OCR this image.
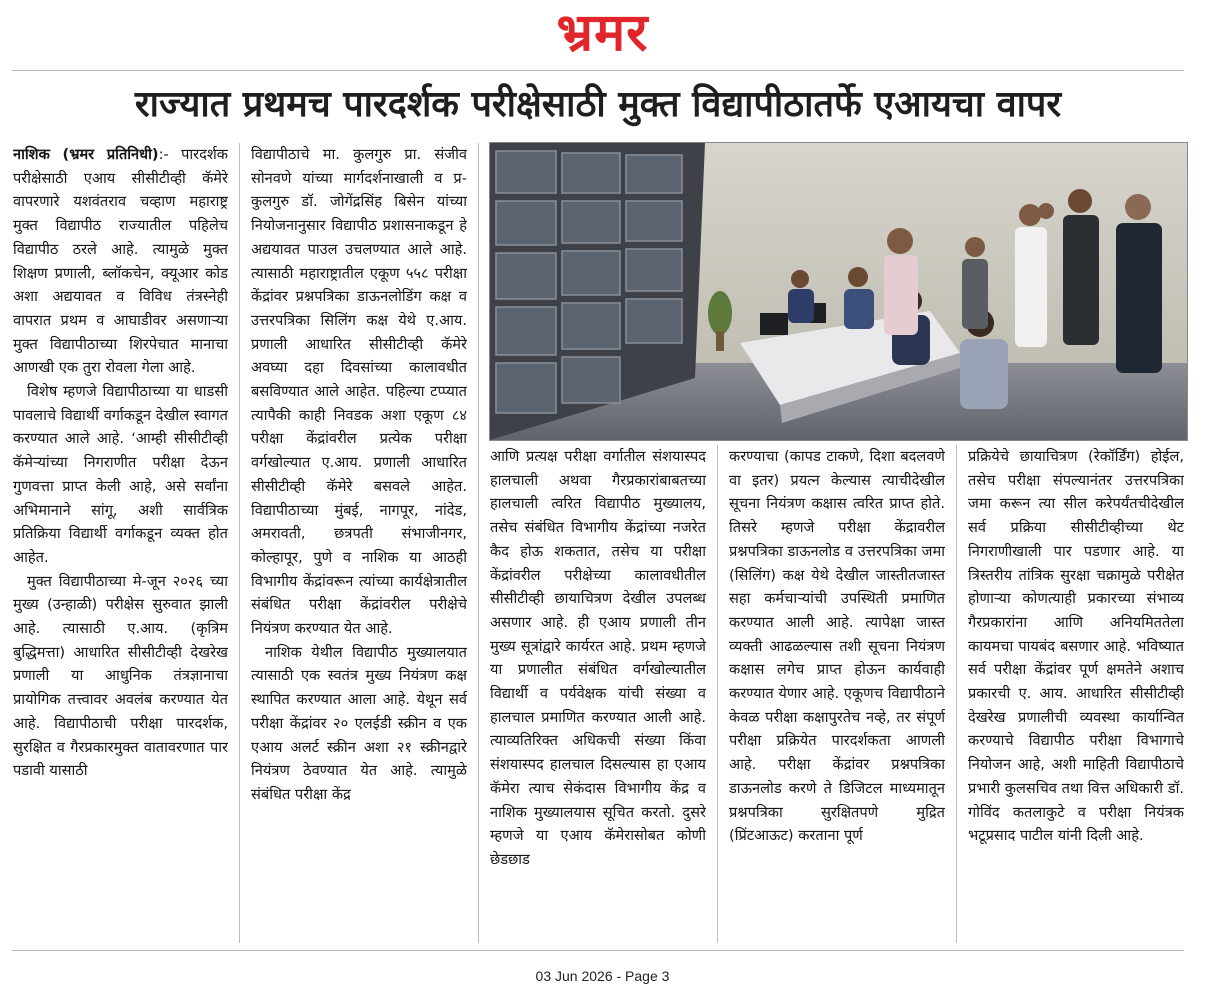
भ्रमर
राज्यात प्रथमच पारदर्शक परीक्षेसाठी मुक्त विद्यापीठातर्फे एआयचा वापर

नाशिक (भ्रमर प्रतिनिधी):- पारदर्शक परीक्षेसाठी एआय सीसीटीव्ही कॅमेरे वापरणारे यशवंतराव चव्हाण महाराष्ट्र मुक्त विद्यापीठ राज्यातील पहिलेच विद्यापीठ ठरले आहे. त्यामुळे मुक्त शिक्षण प्रणाली, ब्लॉकचेन, क्यूआर कोड अशा अद्ययावत व विविध तंत्रस्नेही वापरात प्रथम व आघाडीवर असणाऱ्या मुक्त विद्यापीठाच्या शिरपेचात मानाचा आणखी एक तुरा रोवला गेला आहे.

विशेष म्हणजे विद्यापीठाच्या या धाडसी पावलाचे विद्यार्थी वर्गाकडून देखील स्वागत करण्यात आले आहे. ‘आम्ही सीसीटीव्ही कॅमेऱ्यांच्या निगराणीत परीक्षा देऊन गुणवत्ता प्राप्त केली आहे, असे सर्वांना अभिमानाने सांगू, अशी सार्वत्रिक प्रतिक्रिया विद्यार्थी वर्गाकडून व्यक्त होत आहेत.

मुक्त विद्यापीठाच्या मे-जून २०२६ च्या मुख्य (उन्हाळी) परीक्षेस सुरुवात झाली आहे. त्यासाठी ए.आय. (कृत्रिम बुद्धिमत्ता) आधारित सीसीटीव्ही देखरेख प्रणाली या आधुनिक तंत्रज्ञानाचा प्रायोगिक तत्त्वावर अवलंब करण्यात येत आहे. विद्यापीठाची परीक्षा पारदर्शक, सुरक्षित व गैरप्रकारमुक्त वातावरणात पार पडावी यासाठी

विद्यापीठाचे मा. कुलगुरु प्रा. संजीव सोनवणे यांच्या मार्गदर्शनाखाली व प्र-कुलगुरु डॉ. जोगेंद्रसिंह बिसेन यांच्या नियोजनानुसार विद्यापीठ प्रशासनाकडून हे अद्ययावत पाउल उचलण्यात आले आहे. त्यासाठी महाराष्ट्रातील एकूण ५५८ परीक्षा केंद्रांवर प्रश्नपत्रिका डाऊनलोडिंग कक्ष व उत्तरपत्रिका सिलिंग कक्ष येथे ए.आय. प्रणाली आधारित सीसीटीव्ही कॅमेरे अवघ्या दहा दिवसांच्या कालावधीत बसविण्यात आले आहेत. पहिल्या टप्प्यात त्यापैकी काही निवडक अशा एकूण ८४ परीक्षा केंद्रांवरील प्रत्येक परीक्षा वर्गखोल्यात ए.आय. प्रणाली आधारित सीसीटीव्ही कॅमेरे बसवले आहेत. विद्यापीठाच्या मुंबई, नागपूर, नांदेड, अमरावती, छत्रपती संभाजीनगर, कोल्हापूर, पुणे व नाशिक या आठही विभागीय केंद्रांवरून त्यांच्या कार्यक्षेत्रातील संबंधित परीक्षा केंद्रांवरील परीक्षेचे नियंत्रण करण्यात येत आहे.

नाशिक येथील विद्यापीठ मुख्यालयात त्यासाठी एक स्वतंत्र मुख्य नियंत्रण कक्ष स्थापित करण्यात आला आहे. येथून सर्व परीक्षा केंद्रांवर २० एलईडी स्क्रीन व एक एआय अलर्ट स्क्रीन अशा २१ स्क्रीनद्वारे नियंत्रण ठेवण्यात येत आहे. त्यामुळे संबंधित परीक्षा केंद्र

आणि प्रत्यक्ष परीक्षा वर्गातील संशयास्पद हालचाली अथवा गैरप्रकारांबाबतच्या हालचाली त्वरित विद्यापीठ मुख्यालय, तसेच संबंधित विभागीय केंद्रांच्या नजरेत कैद होऊ शकतात, तसेच या परीक्षा केंद्रांवरील परीक्षेच्या कालावधीतील सीसीटीव्ही छायाचित्रण देखील उपलब्ध असणार आहे. ही एआय प्रणाली तीन मुख्य सूत्रांद्वारे कार्यरत आहे. प्रथम म्हणजे या प्रणालीत संबंधित वर्गखोल्यातील विद्यार्थी व पर्यवेक्षक यांची संख्या व हालचाल प्रमाणित करण्यात आली आहे. त्याव्यतिरिक्त अधिकची संख्या किंवा संशयास्पद हालचाल दिसल्यास हा एआय कॅमेरा त्याच सेकंदास विभागीय केंद्र व नाशिक मुख्यालयास सूचित करतो. दुसरे म्हणजे या एआय कॅमेरासोबत कोणी छेडछाड

करण्याचा (कापड टाकणे, दिशा बदलवणे वा इतर) प्रयत्न केल्यास त्याचीदेखील सूचना नियंत्रण कक्षास त्वरित प्राप्त होते. तिसरे म्हणजे परीक्षा केंद्रावरील प्रश्नपत्रिका डाऊनलोड व उत्तरपत्रिका जमा (सिलिंग) कक्ष येथे देखील जास्तीतजास्त सहा कर्मचाऱ्यांची उपस्थिती प्रमाणित करण्यात आली आहे. त्यापेक्षा जास्त व्यक्ती आढळल्यास तशी सूचना नियंत्रण कक्षास लगेच प्राप्त होऊन कार्यवाही करण्यात येणार आहे. एकूणच विद्यापीठाने केवळ परीक्षा कक्षापुरतेच नव्हे, तर संपूर्ण परीक्षा प्रक्रियेत पारदर्शकता आणली आहे. परीक्षा केंद्रांवर प्रश्नपत्रिका डाऊनलोड करणे ते डिजिटल माध्यमातून प्रश्नपत्रिका सुरक्षितपणे मुद्रित (प्रिंटआऊट) करताना पूर्ण

प्रक्रियेचे छायाचित्रण (रेकॉर्डिंग) होईल, तसेच परीक्षा संपल्यानंतर उत्तरपत्रिका जमा करून त्या सील करेपर्यंतचीदेखील सर्व प्रक्रिया सीसीटीव्हीच्या थेट निगराणीखाली पार पडणार आहे. या त्रिस्तरीय तांत्रिक सुरक्षा चक्रामुळे परीक्षेत होणाऱ्या कोणत्याही प्रकारच्या संभाव्य गैरप्रकारांना आणि अनियमिततेला कायमचा पायबंद बसणार आहे. भविष्यात सर्व परीक्षा केंद्रांवर पूर्ण क्षमतेने अशाच प्रकारची ए. आय. आधारित सीसीटीव्ही देखरेख प्रणालीची व्यवस्था कार्यान्वित करण्याचे विद्यापीठ परीक्षा विभागाचे नियोजन आहे, अशी माहिती विद्यापीठाचे प्रभारी कुलसचिव तथा वित्त अधिकारी डॉ. गोविंद कतलाकुटे व परीक्षा नियंत्रक भटूप्रसाद पाटील यांनी दिली आहे.

03 Jun 2026 - Page 3
